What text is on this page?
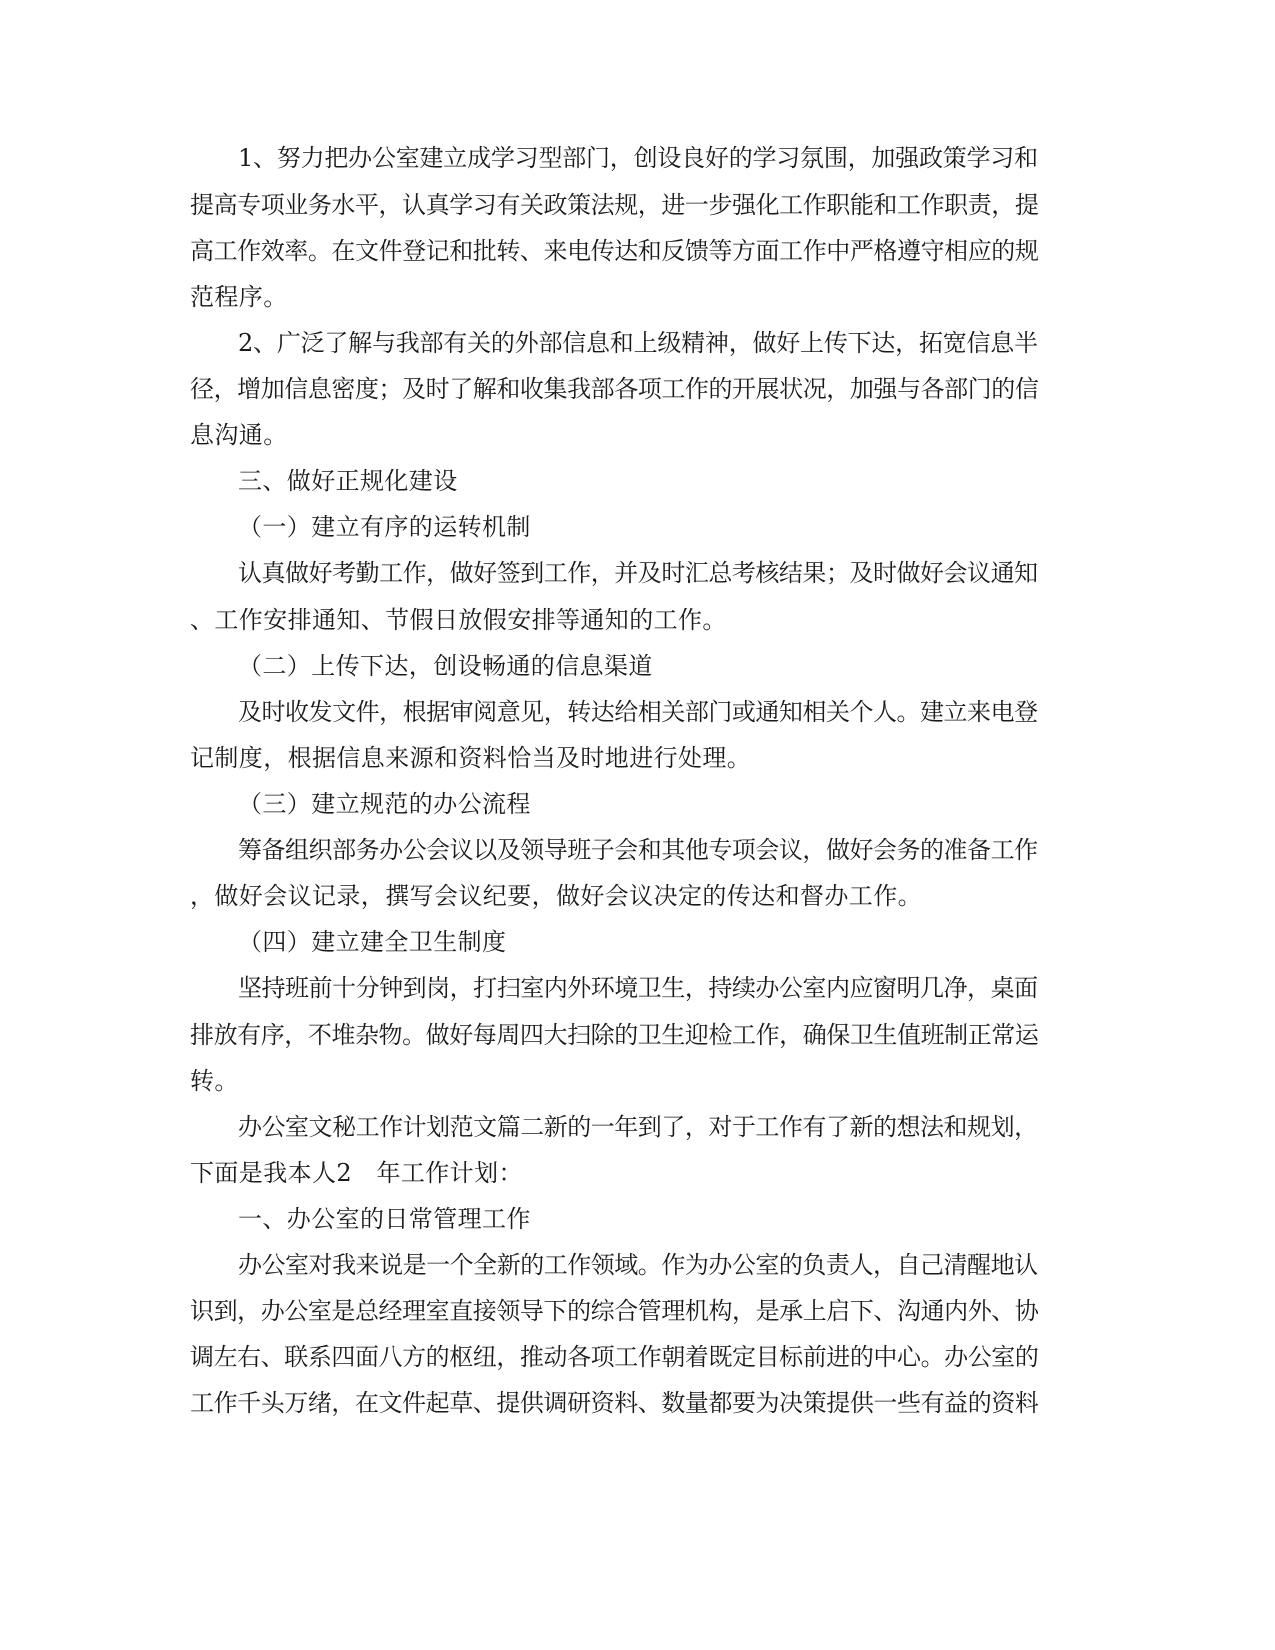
1、努力把办公室建立成学习型部门，创设良好的学习氛围，加强政策学习和
提高专项业务水平，认真学习有关政策法规，进一步强化工作职能和工作职责，提
高工作效率。在文件登记和批转、来电传达和反馈等方面工作中严格遵守相应的规
范程序。
2、广泛了解与我部有关的外部信息和上级精神，做好上传下达，拓宽信息半
径，增加信息密度；及时了解和收集我部各项工作的开展状况，加强与各部门的信
息沟通。
三、做好正规化建设
（一）建立有序的运转机制
认真做好考勤工作，做好签到工作，并及时汇总考核结果；及时做好会议通知
、工作安排通知、节假日放假安排等通知的工作。
（二）上传下达，创设畅通的信息渠道
及时收发文件，根据审阅意见，转达给相关部门或通知相关个人。建立来电登
记制度，根据信息来源和资料恰当及时地进行处理。
（三）建立规范的办公流程
筹备组织部务办公会议以及领导班子会和其他专项会议，做好会务的准备工作
，做好会议记录，撰写会议纪要，做好会议决定的传达和督办工作。
（四）建立建全卫生制度
坚持班前十分钟到岗，打扫室内外环境卫生，持续办公室内应窗明几净，桌面
排放有序，不堆杂物。做好每周四大扫除的卫生迎检工作，确保卫生值班制正常运
转。
办公室文秘工作计划范文篇二新的一年到了，对于工作有了新的想法和规划，
下面是我本人2　年工作计划：
一、办公室的日常管理工作
办公室对我来说是一个全新的工作领域。作为办公室的负责人，自己清醒地认
识到，办公室是总经理室直接领导下的综合管理机构，是承上启下、沟通内外、协
调左右、联系四面八方的枢纽，推动各项工作朝着既定目标前进的中心。办公室的
工作千头万绪，在文件起草、提供调研资料、数量都要为决策提供一些有益的资料
